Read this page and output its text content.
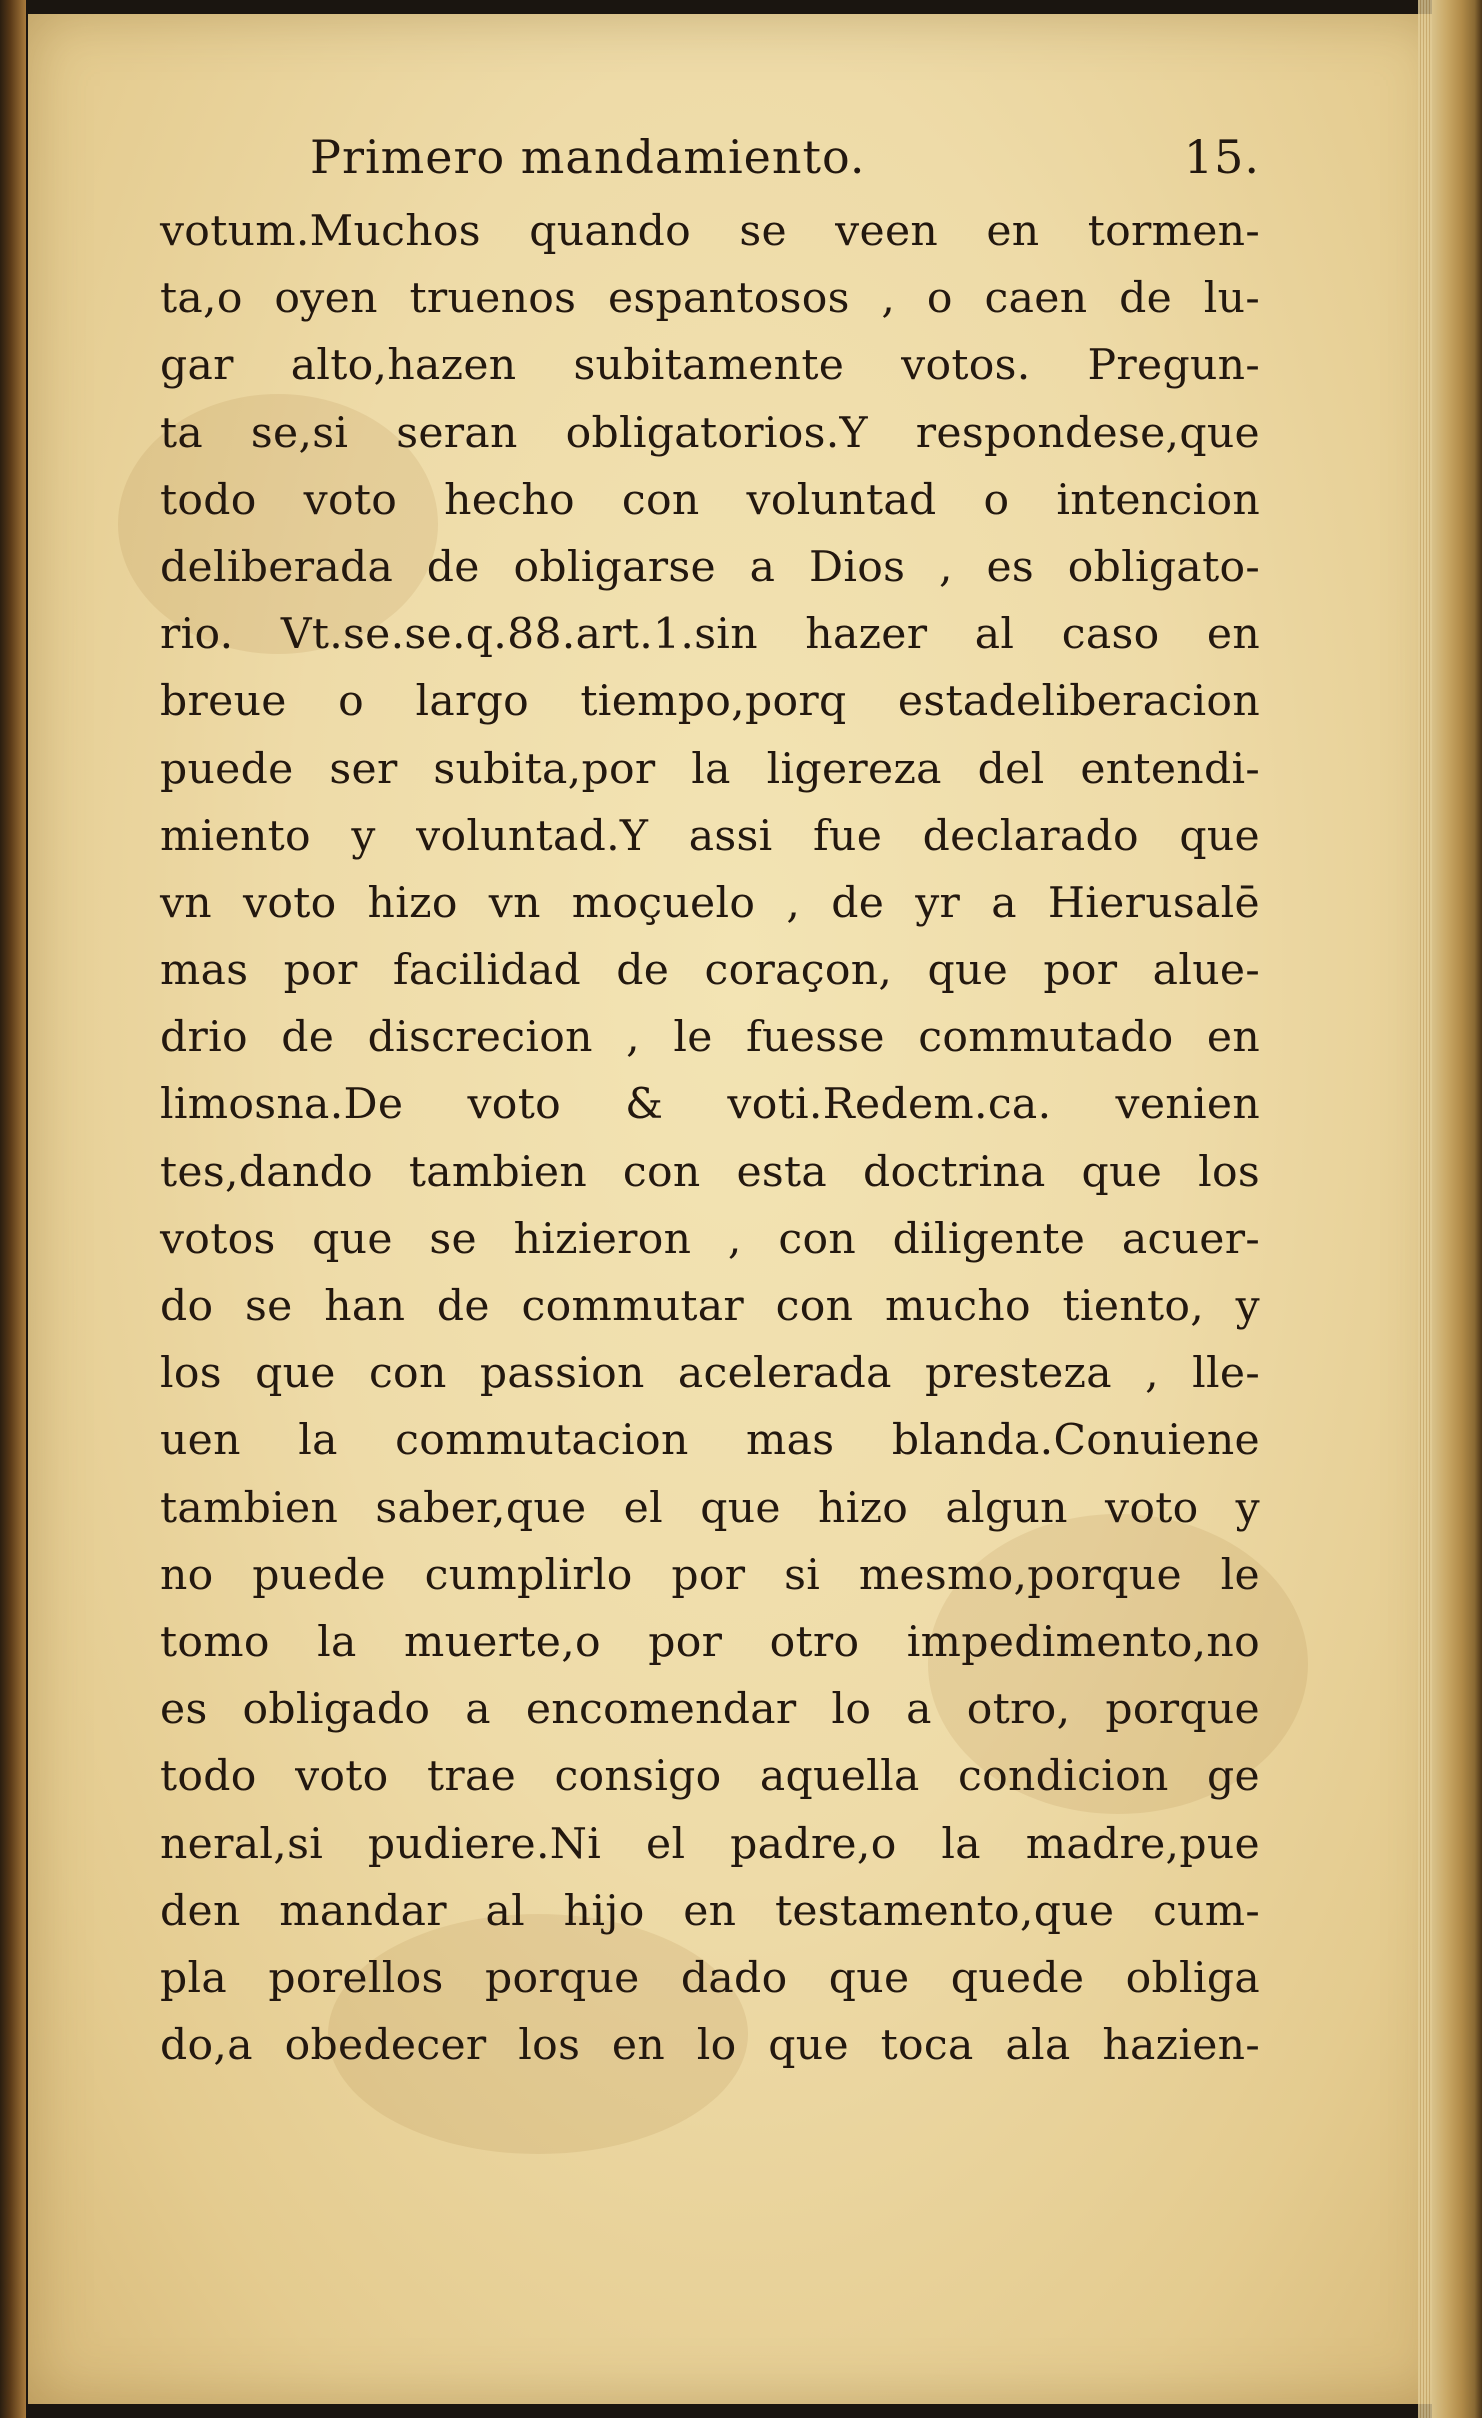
Primero mandamiento.	15.
votum.Muchos quando se veen en tormen-
ta,o oyen truenos espantosos , o caen de lu-
gar alto,hazen subitamente votos. Pregun-
ta se,si seran obligatorios.Y respondese,que
todo voto hecho con voluntad o intencion
deliberada de obligarse a Dios , es obligato-
rio. Vt.se.se.q.88.art.1.sin hazer al caso en
breue o largo tiempo,porq estadeliberacion
puede ser subita,por la ligereza del entendi-
miento y voluntad.Y assi fue declarado que
vn voto hizo vn moçuelo , de yr a Hierusalē
mas por facilidad de coraçon, que por alue-
drio de discrecion , le fuesse commutado en
limosna.De voto & voti.Redem.ca. venien
tes,dando tambien con esta doctrina que los
votos que se hizieron , con diligente acuer-
do se han de commutar con mucho tiento, y
los que con passion acelerada presteza , lle-
uen la commutacion mas blanda.Conuiene
tambien saber,que el que hizo algun voto y
no puede cumplirlo por si mesmo,porque le
tomo la muerte,o por otro impedimento,no
es obligado a encomendar lo a otro, porque
todo voto trae consigo aquella condicion ge
neral,si pudiere.Ni el padre,o la madre,pue
den mandar al hijo en testamento,que cum-
pla porellos porque dado que quede obliga
do,a obedecer los en lo que toca ala hazien-
